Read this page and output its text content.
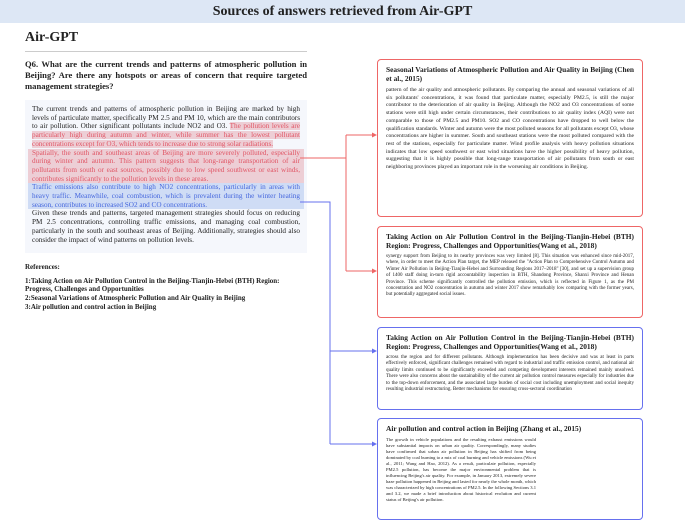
Sources of answers retrieved from Air-GPT
Air-GPT
Q6. What are the current trends and patterns of atmospheric pollution in Beijing? Are there any hotspots or areas of concern that require targeted management strategies?
The current trends and patterns of atmospheric pollution in Beijing are marked by high levels of particulate matter, specifically PM 2.5 and PM 10, which are the main contributors to air pollution. Other significant pollutants include NO2 and O3. The pollution levels are particularly high during autumn and winter, while summer has the lowest pollutant concentrations except for O3, which tends to increase due to strong solar radiations.
Spatially, the south and southeast areas of Beijing are more severely polluted, especially during winter and autumn. This pattern suggests that long-range transportation of air pollutants from south or east sources, possibly due to low speed southwest or east winds, contributes significantly to the pollution levels in these areas.
Traffic emissions also contribute to high NO2 concentrations, particularly in areas with heavy traffic. Meanwhile, coal combustion, which is prevalent during the winter heating season, contributes to increased SO2 and CO concentrations.
Given these trends and patterns, targeted management strategies should focus on reducing PM 2.5 concentrations, controlling traffic emissions, and managing coal combustion, particularly in the south and southeast areas of Beijing. Additionally, strategies should also consider the impact of wind patterns on pollution levels.
References:
1:Taking Action on Air Pollution Control in the Beijing-Tianjin-Hebei (BTH) Region: Progress, Challenges and Opportunities
2:Seasonal Variations of Atmospheric Pollution and Air Quality in Beijing
3:Air pollution and control action in Beijing
Seasonal Variations of Atmospheric Pollution and Air Quality in Beijing (Chen et al., 2015)
pattern of the air quality and atmospheric pollutants. By comparing the annual and seasonal variations of all six pollutants' concentrations, it was found that particulate matter, especially PM2.5, is still the major contributor to the deterioration of air quality in Beijing. Although the NO2 and O3 concentrations of some stations were still high under certain circumstances, their contributions to air quality index (AQI) were not comparable to those of PM2.5 and PM10. SO2 and CO concentrations have dropped to well below the qualification standards. Winter and autumn were the most polluted seasons for all pollutants except O3, whose concentrations are higher in summer. South and southeast stations were the most polluted compared with the rest of the stations, especially for particulate matter. Wind profile analysis with heavy pollution situations indicates that low speed southwest or east wind situations have the higher possibility of heavy pollution, suggesting that it is highly possible that long-range transportation of air pollutants from south or east neighboring provinces played an important role in the worsening air conditions in Beijing.
Taking Action on Air Pollution Control in the Beijing-Tianjin-Hebei (BTH) Region: Progress, Challenges and Opportunities(Wang et al., 2018)
synergy support from Beijing to its nearby provinces was very limited [8]. This situation was enhanced since mid-2017, where, in order to meet the Action Plan target, the MEP released the "Action Plan to Comprehensive Control Autumn and Winter Air Pollution in Beijing-Tianjin-Hebei and Surrounding Regions 2017–2018" [30], and set up a supervision group of 1400 staff doing in-turn rigid accountability inspection in BTH, Shandong Province, Shanxi Province and Henan Province. This scheme significantly controlled the pollution emission, which is reflected in Figure 1, as the PM concentration and NO2 concentration in autumn and winter 2017 show remarkably low comparing with the former years, but potentially aggregated social issues.
Taking Action on Air Pollution Control in the Beijing-Tianjin-Hebei (BTH) Region: Progress, Challenges and Opportunities(Wang et al., 2018)
across the region and for different pollutants. Although implementation has been decisive and was at least in parts effectively enforced, significant challenges remained with regard to industrial and traffic emission control, and national air quality limits continued to be significantly exceeded and competing development interests remained mainly unsolved. There were also concerns about the sustainability of the current air pollution control measures especially for industries due to the top-down enforcement, and the associated large burden of social cost including unemployment and social inequity resulting industrial restructuring. Better mechanisms for ensuring cross-sectoral coordination
Air pollution and control action in Beijing (Zhang et al., 2015)
The growth in vehicle populations and the resulting exhaust emissions would have substantial impacts on urban air quality. Correspondingly, many studies have confirmed that urban air pollution in Beijing has shifted from being dominated by coal burning to a mix of coal burning and vehicle emissions (Wu et al., 2011; Wang and Hao, 2012). As a result, particulate pollution, especially PM2.5 pollution, has become the major environmental problem that is influencing Beijing's air quality. For example, in January 2013, extremely severe haze pollution happened in Beijing and lasted for nearly the whole month, which was characterized by high concentrations of PM2.5. In the following Sections 3.1 and 3.2, we made a brief introduction about historical evolution and current status of Beijing's air pollution.
